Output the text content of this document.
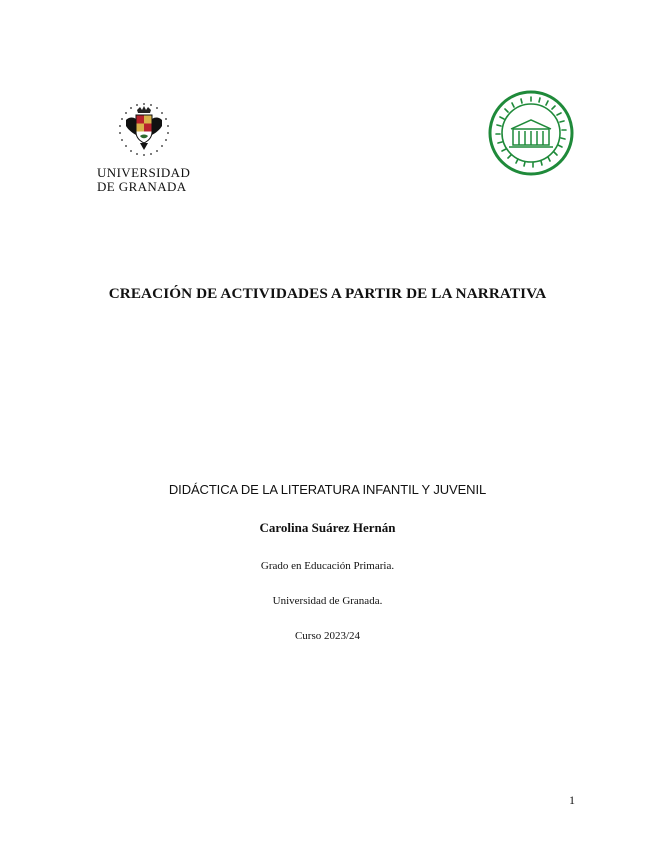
UNIVERSIDAD
DE GRANADA
CREACIÓN DE ACTIVIDADES A PARTIR DE LA NARRATIVA
DIDÁCTICA DE LA LITERATURA INFANTIL Y JUVENIL
Carolina Suárez Hernán
Grado en Educación Primaria.
Universidad de Granada.
Curso 2023/24
1
